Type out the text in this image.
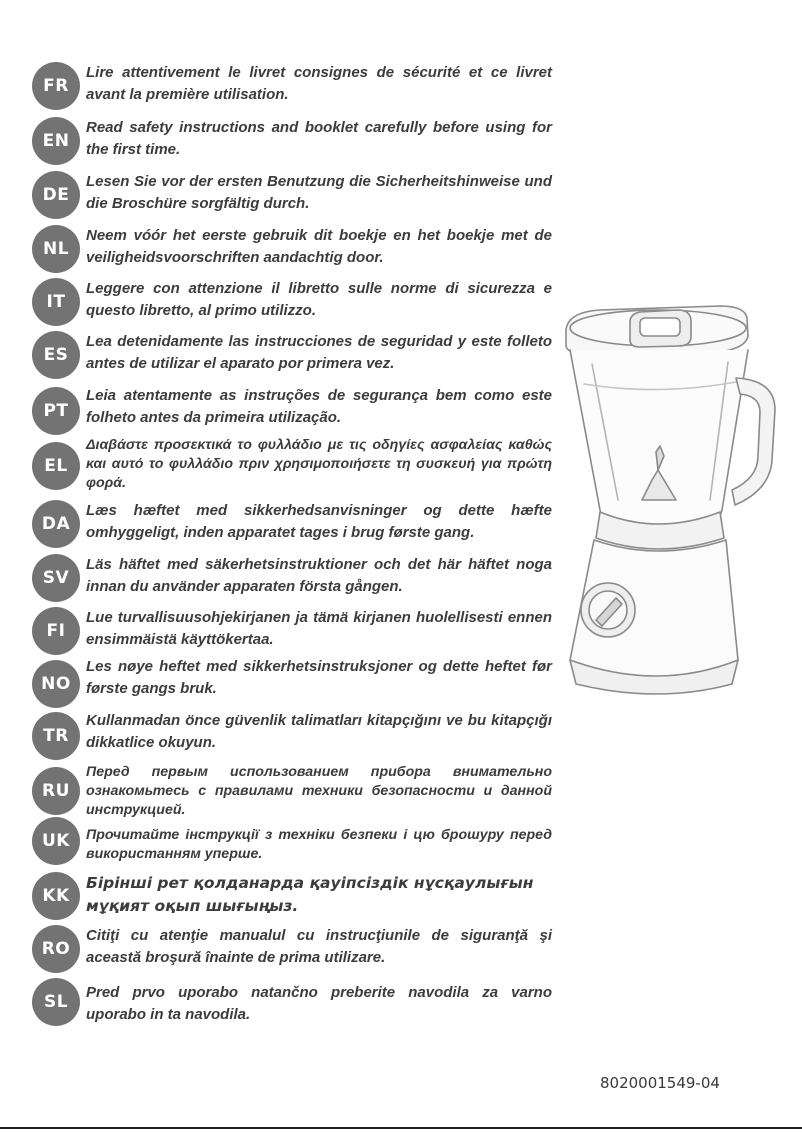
FR
Lire attentivement le livret consignes de sécurité et ce livret avant la première utilisation.
EN
Read safety instructions and booklet carefully before using for the first time.
DE
Lesen Sie vor der ersten Benutzung die Sicherheitshinweise und die Broschüre sorgfältig durch.
NL
Neem vóór het eerste gebruik dit boekje en het boekje met de veiligheidsvoorschriften aandachtig door.
IT
Leggere con attenzione il libretto sulle norme di sicurezza e questo libretto, al primo utilizzo.
ES
Lea detenidamente las instrucciones de seguridad y este folleto antes de utilizar el aparato por primera vez.
PT
Leia atentamente as instruções de segurança bem como este folheto antes da primeira utilização.
EL
Διαβάστε προσεκτικά το φυλλάδιο με τις οδηγίες ασφαλείας καθώς και αυτό το φυλλάδιο πριν χρησιμοποιήσετε τη συσκευή για πρώτη φορά.
DA
Læs hæftet med sikkerhedsanvisninger og dette hæfte omhyggeligt, inden apparatet tages i brug første gang.
SV
Läs häftet med säkerhetsinstruktioner och det här häftet noga innan du använder apparaten första gången.
FI
Lue turvallisuusohjekirjanen ja tämä kirjanen huolellisesti ennen ensimmäistä käyttökertaa.
NO
Les nøye heftet med sikkerhetsinstruksjoner og dette heftet før første gangs bruk.
TR
Kullanmadan önce güvenlik talimatları kitapçığını ve bu kitapçığı dikkatlice okuyun.
RU
Перед первым использованием прибора внимательно ознакомьтесь с правилами техники безопасности и данной инструкцией.
UK	Прочитайте інструкції з техніки безпеки і цю брошуру перед використанням уперше.
KK
Бірінші рет қолданарда қауіпсіздік нұсқаулығын мұқият оқып шығыңыз.
RO
Citiţi cu atenţie manualul cu instrucţiunile de siguranţă şi această broşură înainte de prima utilizare.
SL	Pred prvo uporabo natančno preberite navodila za varno uporabo in ta navodila.
8020001549-04
